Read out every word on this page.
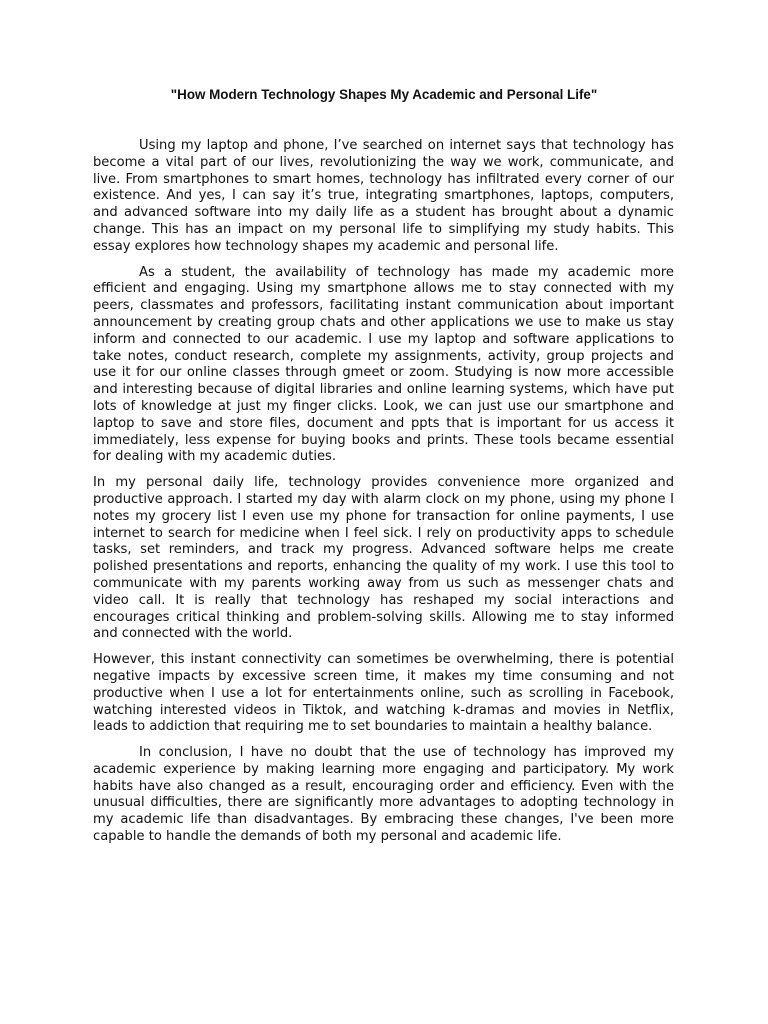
"How Modern Technology Shapes My Academic and Personal Life"

Using my laptop and phone, I’ve searched on internet says that technology has become a vital part of our lives, revolutionizing the way we work, communicate, and live. From smartphones to smart homes, technology has infiltrated every corner of our existence. And yes, I can say it’s true, integrating smartphones, laptops, computers, and advanced software into my daily life as a student has brought about a dynamic change. This has an impact on my personal life to simplifying my study habits. This essay explores how technology shapes my academic and personal life.

As a student, the availability of technology has made my academic more efficient and engaging. Using my smartphone allows me to stay connected with my peers, classmates and professors, facilitating instant communication about important announcement by creating group chats and other applications we use to make us stay inform and connected to our academic. I use my laptop and software applications to take notes, conduct research, complete my assignments, activity, group projects and use it for our online classes through gmeet or zoom. Studying is now more accessible and interesting because of digital libraries and online learning systems, which have put lots of knowledge at just my finger clicks. Look, we can just use our smartphone and laptop to save and store files, document and ppts that is important for us access it immediately, less expense for buying books and prints. These tools became essential for dealing with my academic duties.

In my personal daily life, technology provides convenience more organized and productive approach. I started my day with alarm clock on my phone, using my phone I notes my grocery list I even use my phone for transaction for online payments, I use internet to search for medicine when I feel sick. I rely on productivity apps to schedule tasks, set reminders, and track my progress. Advanced software helps me create polished presentations and reports, enhancing the quality of my work. I use this tool to communicate with my parents working away from us such as messenger chats and video call. It is really that technology has reshaped my social interactions and encourages critical thinking and problem-solving skills. Allowing me to stay informed and connected with the world.

However, this instant connectivity can sometimes be overwhelming, there is potential negative impacts by excessive screen time, it makes my time consuming and not productive when I use a lot for entertainments online, such as scrolling in Facebook, watching interested videos in Tiktok, and watching k-dramas and movies in Netflix, leads to addiction that requiring me to set boundaries to maintain a healthy balance.

In conclusion, I have no doubt that the use of technology has improved my academic experience by making learning more engaging and participatory. My work habits have also changed as a result, encouraging order and efficiency. Even with the unusual difficulties, there are significantly more advantages to adopting technology in my academic life than disadvantages. By embracing these changes, I've been more capable to handle the demands of both my personal and academic life.
